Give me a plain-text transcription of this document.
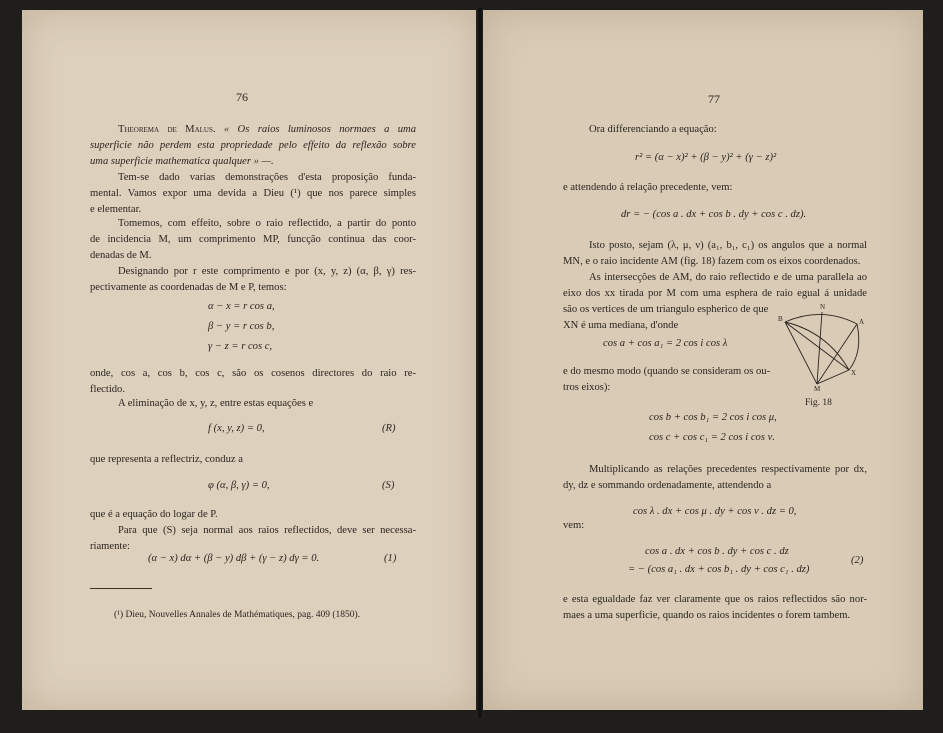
76
Theorema de Malus. « Os raios luminosos normaes a uma
superficie não perdem esta propriedade pelo effeito da reflexão sobre
uma superficie mathematica qualquer » —.
Tem-se dado varias demonstrações d'esta proposição funda-
mental. Vamos expor uma devida a Dieu (¹) que nos parece simples
e elementar.
Tomemos, com effeito, sobre o raio reflectido, a partir do ponto
de incidencia M, um comprimento MP, funcção continua das coor-
denadas de M.
Designando por r este comprimento e por (x, y, z) (α, β, γ) res-
pectivamente as coordenadas de M e P, temos:
α − x = r cos a,
β − y = r cos b,
γ − z = r cos c,
onde, cos a, cos b, cos c, são os cosenos directores do raio re-
flectido.
A eliminação de x, y, z, entre estas equações e
f (x, y, z) = 0,	(R)
que representa a reflectriz, conduz a
φ (α, β, γ) = 0,	(S)
que é a equação do logar de P.
Para que (S) seja normal aos raios reflectidos, deve ser necessa-
riamente:
(α − x) dα + (β − y) dβ + (γ − z) dγ = 0.	(1)
(¹) Dieu, Nouvelles Annales de Mathématiques, pag. 409 (1850).
77
Ora differenciando a equação:
r² = (α − x)² + (β − y)² + (γ − z)²
e attendendo á relação precedente, vem:
dr = − (cos a . dx + cos b . dy + cos c . dz).
Isto posto, sejam (λ, μ, ν) (a₁, b₁, c₁) os angulos que a normal
MN, e o raio incidente AM (fig. 18) fazem com os eixos coordenados.
As intersecções de AM, do raio reflectido e de uma parallela ao
eixo dos xx tirada por M com uma esphera de raio egual á unidade
são os vertices de um triangulo espherico de que
XN é uma mediana, d'onde
cos a + cos a₁ = 2 cos i cos λ
e do mesmo modo (quando se consideram os ou-
tros eixos):
B
N
A
X
M
Fig. 18
cos b + cos b₁ = 2 cos i cos μ,
cos c + cos c₁ = 2 cos i cos ν.
Multiplicando as relações precedentes respectivamente por dx,
dy, dz e sommando ordenadamente, attendendo a
cos λ . dx + cos μ . dy + cos ν . dz = 0,
vem:
cos a . dx + cos b . dy + cos c . dz
= − (cos a₁ . dx + cos b₁ . dy + cos c₁ . dz)
(2)
e esta egualdade faz ver claramente que os raios reflectidos são nor-
maes a uma superficie, quando os raios incidentes o forem tambem.
